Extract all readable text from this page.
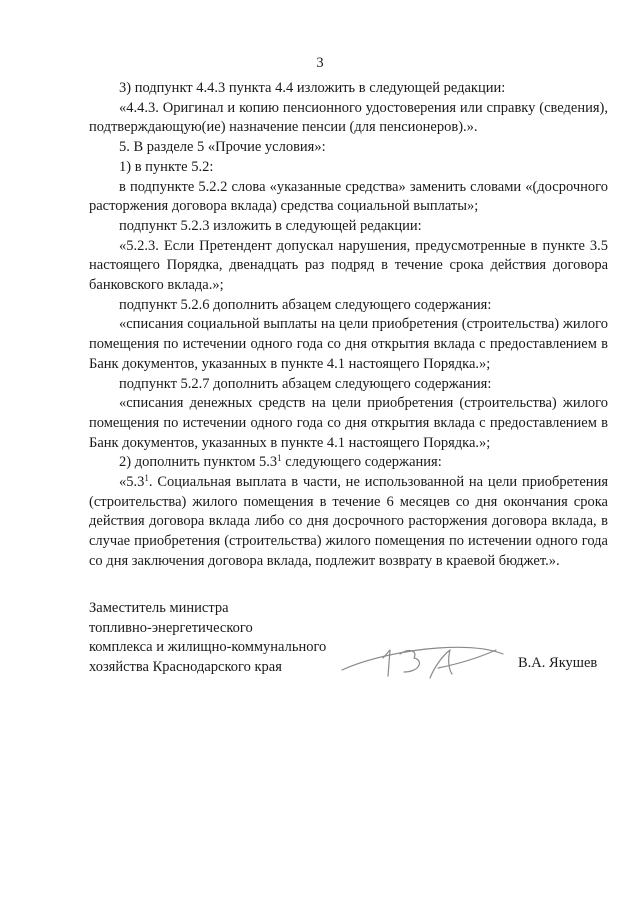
3

3) подпункт 4.4.3 пункта 4.4 изложить в следующей редакции:

«4.4.3. Оригинал и копию пенсионного удостоверения или справку (сведения), подтверждающую(ие) назначение пенсии (для пенсионеров).».

5. В разделе 5 «Прочие условия»:

1) в пункте 5.2:

в подпункте 5.2.2 слова «указанные средства» заменить словами «(досрочного расторжения договора вклада) средства социальной выплаты»;

подпункт 5.2.3 изложить в следующей редакции:

«5.2.3. Если Претендент допускал нарушения, предусмотренные в пункте 3.5 настоящего Порядка, двенадцать раз подряд в течение срока действия договора банковского вклада.»;

подпункт 5.2.6 дополнить абзацем следующего содержания:

«списания социальной выплаты на цели приобретения (строительства) жилого помещения по истечении одного года со дня открытия вклада с предоставлением в Банк документов, указанных в пункте 4.1 настоящего Порядка.»;

подпункт 5.2.7 дополнить абзацем следующего содержания:

«списания денежных средств на цели приобретения (строительства) жилого помещения по истечении одного года со дня открытия вклада с предоставлением в Банк документов, указанных в пункте 4.1 настоящего Порядка.»;

2) дополнить пунктом $5.3^1$ следующего содержания:

«$5.3^1$. Социальная выплата в части, не использованной на цели приобретения (строительства) жилого помещения в течение 6 месяцев со дня окончания срока действия договора вклада либо со дня досрочного расторжения договора вклада, в случае приобретения (строительства) жилого помещения по истечении одного года со дня заключения договора вклада, подлежит возврату в краевой бюджет.».

Заместитель министра
топливно-энергетического
комплекса и жилищно-коммунального
хозяйства Краснодарского края	В.А. Якушев
